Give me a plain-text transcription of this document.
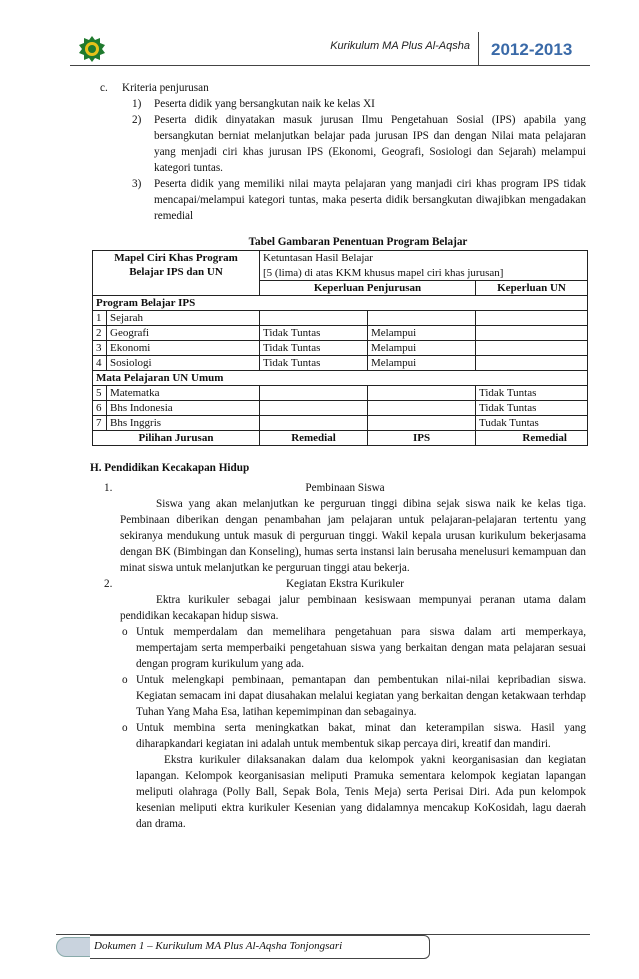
Kurikulum MA Plus Al-Aqsha	2012-2013
c. Kriteria penjurusan
1) Peserta didik yang bersangkutan naik ke kelas XI
2) Peserta didik dinyatakan masuk jurusan Ilmu Pengetahuan Sosial (IPS) apabila yang bersangkutan berniat melanjutkan belajar pada jurusan IPS dan dengan Nilai mata pelajaran yang menjadi ciri khas jurusan IPS (Ekonomi, Geografi, Sosiologi dan Sejarah) melampui kategori tuntas.
3) Peserta didik yang memiliki nilai mayta pelajaran yang manjadi ciri khas program IPS tidak mencapai/melampui kategori tuntas, maka peserta didik bersangkutan diwajibkan mengadakan remedial
Tabel Gambaran Penentuan Program Belajar
Mapel Ciri Khas Program Belajar IPS dan UN		Ketuntasan Hasil Belajar		
		[5 (lima) di atas KKM khusus mapel ciri khas jurusan]		
		Keperluan Penjurusan		Keperluan UN
Program Belajar IPS				
1	Sejarah			
2	Geografi	Tidak Tuntas	Melampui	
3	Ekonomi	Tidak Tuntas	Melampui	
4	Sosiologi	Tidak Tuntas	Melampui	
Mata Pelajaran UN Umum				
5	Matematka			Tidak Tuntas
6	Bhs Indonesia			Tidak Tuntas
7	Bhs Inggris			Tudak Tuntas
Pilihan Jurusan		Remedial	IPS	Remedial
H. Pendidikan Kecakapan Hidup
1.	Pembinaan Siswa
Siswa yang akan melanjutkan ke perguruan tinggi dibina sejak siswa naik ke kelas tiga. Pembinaan diberikan dengan penambahan jam pelajaran untuk pelajaran-pelajaran tertentu yang sekiranya mendukung untuk masuk di perguruan tinggi. Wakil kepala urusan kurikulum bekerjasama dengan BK (Bimbingan dan Konseling), humas serta instansi lain berusaha menelusuri kemampuan dan minat siswa untuk melanjutkan ke perguruan tinggi atau bekerja.
2.	Kegiatan Ekstra Kurikuler
Ektra kurikuler sebagai jalur pembinaan kesiswaan mempunyai peranan utama dalam pendidikan kecakapan hidup siswa.
o Untuk memperdalam dan memelihara pengetahuan para siswa dalam arti memperkaya, mempertajam serta memperbaiki pengetahuan siswa yang berkaitan dengan mata pelajaran sesuai dengan program kurikulum yang ada.
o Untuk melengkapi pembinaan, pemantapan dan pembentukan nilai-nilai kepribadian siswa. Kegiatan semacam ini dapat diusahakan melalui kegiatan yang berkaitan dengan ketakwaan terhdap Tuhan Yang Maha Esa, latihan kepemimpinan dan sebagainya.
o Untuk membina serta meningkatkan bakat, minat dan keterampilan siswa. Hasil yang diharapkandari kegiatan ini adalah untuk membentuk sikap percaya diri, kreatif dan mandiri.
Ekstra kurikuler dilaksanakan dalam dua kelompok yakni keorganisasian dan kegiatan lapangan. Kelompok keorganisasian meliputi Pramuka sementara kelompok kegiatan lapangan meliputi olahraga (Polly Ball, Sepak Bola, Tenis Meja) serta Perisai Diri. Ada pun kelompok kesenian meliputi ektra kurikuler Kesenian yang didalamnya mencakup KoKosidah, lagu daerah dan drama.
Dokumen 1 – Kurikulum MA Plus Al-Aqsha Tonjongsari
